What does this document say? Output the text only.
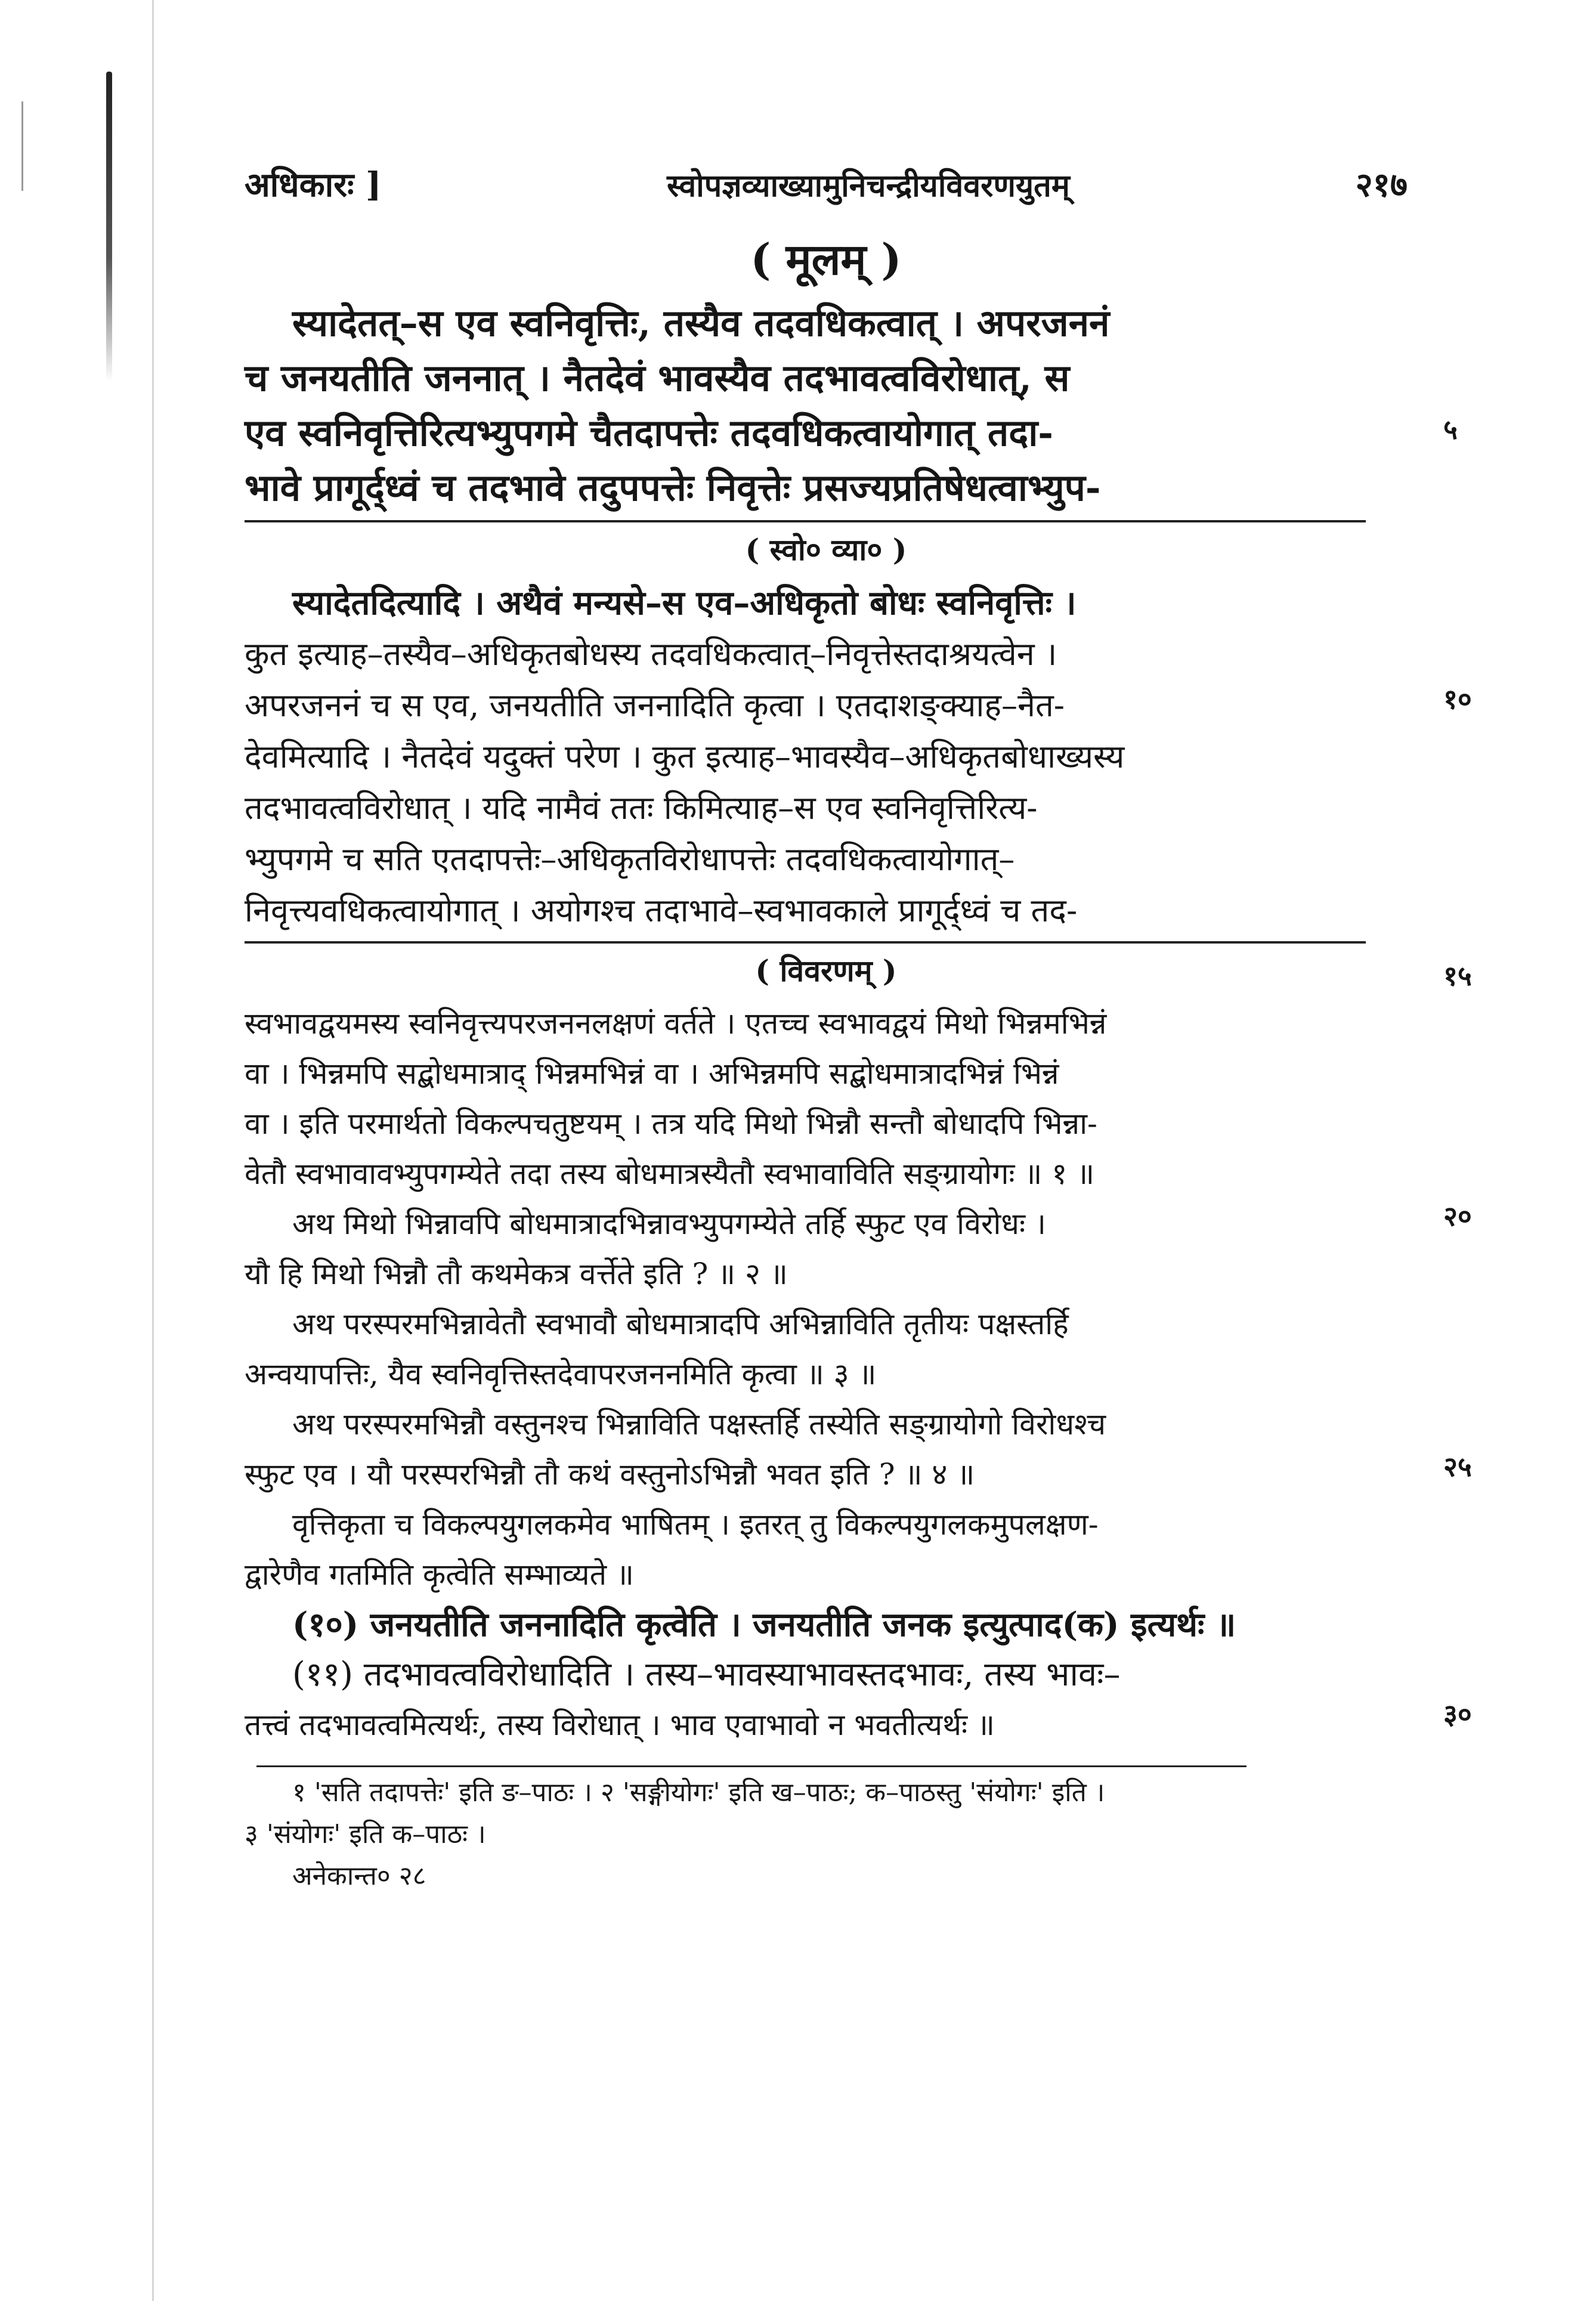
अधिकारः ]	स्वोपज्ञव्याख्यामुनिचन्द्रीयविवरणयुतम्	२१७
( मूलम् )
स्यादेतत्–स एव स्वनिवृत्तिः, तस्यैव तदवधिकत्वात् । अपरजननं
च जनयतीति जननात् । नैतदेवं भावस्यैव तदभावत्वविरोधात्, स
एव स्वनिवृत्तिरित्यभ्युपगमे चैतदापत्तेः तदवधिकत्वायोगात् तदा-
भावे प्रागूर्द्ध्वं च तदभावे तदुपपत्तेः निवृत्तेः प्रसज्यप्रतिषेधत्वाभ्युप-
५
( स्वो० व्या० )
स्यादेतदित्यादि । अथैवं मन्यसे–स एव–अधिकृतो बोधः स्वनिवृत्तिः ।
कुत इत्याह–तस्यैव–अधिकृतबोधस्य तदवधिकत्वात्–निवृत्तेस्तदाश्रयत्वेन ।
अपरजननं च स एव, जनयतीति जननादिति कृत्वा । एतदाशङ्क्याह–नैत-
देवमित्यादि । नैतदेवं यदुक्तं परेण । कुत इत्याह–भावस्यैव–अधिकृतबोधाख्यस्य
तदभावत्वविरोधात् । यदि नामैवं ततः किमित्याह–स एव स्वनिवृत्तिरित्य-
भ्युपगमे च सति एतदापत्तेः–अधिकृतविरोधापत्तेः तदवधिकत्वायोगात्–
निवृत्त्यवधिकत्वायोगात् । अयोगश्च तदाभावे–स्वभावकाले प्रागूर्द्ध्वं च तद-
१०
( विवरणम् )	१५
स्वभावद्वयमस्य स्वनिवृत्त्यपरजननलक्षणं वर्तते । एतच्च स्वभावद्वयं मिथो भिन्नमभिन्नं
वा । भिन्नमपि सद्बोधमात्राद् भिन्नमभिन्नं वा । अभिन्नमपि सद्बोधमात्रादभिन्नं भिन्नं
वा । इति परमार्थतो विकल्पचतुष्टयम् । तत्र यदि मिथो भिन्नौ सन्तौ बोधादपि भिन्ना-
वेतौ स्वभावावभ्युपगम्येते तदा तस्य बोधमात्रस्यैतौ स्वभावाविति सङ्ग्रायोगः ॥ १ ॥
अथ मिथो भिन्नावपि बोधमात्रादभिन्नावभ्युपगम्येते तर्हि स्फुट एव विरोधः ।
यौ हि मिथो भिन्नौ तौ कथमेकत्र वर्त्तेते इति ? ॥ २ ॥
अथ परस्परमभिन्नावेतौ स्वभावौ बोधमात्रादपि अभिन्नाविति तृतीयः पक्षस्तर्हि
अन्वयापत्तिः, यैव स्वनिवृत्तिस्तदेवापरजननमिति कृत्वा ॥ ३ ॥
अथ परस्परमभिन्नौ वस्तुनश्च भिन्नाविति पक्षस्तर्हि तस्येति सङ्ग्रायोगो विरोधश्च
स्फुट एव । यौ परस्परभिन्नौ तौ कथं वस्तुनोऽभिन्नौ भवत इति ? ॥ ४ ॥
वृत्तिकृता च विकल्पयुगलकमेव भाषितम् । इतरत् तु विकल्पयुगलकमुपलक्षण-
द्वारेणैव गतमिति कृत्वेति सम्भाव्यते ॥
(१०) जनयतीति जननादिति कृत्वेति । जनयतीति जनक इत्युत्पाद(क) इत्यर्थः ॥
(११) तदभावत्वविरोधादिति । तस्य–भावस्याभावस्तदभावः, तस्य भावः–
तत्त्वं तदभावत्वमित्यर्थः, तस्य विरोधात् । भाव एवाभावो न भवतीत्यर्थः ॥
२०
२५
३०
१ 'सति तदापत्तेः' इति ङ–पाठः । २ 'सङ्गीयोगः' इति ख–पाठः; क–पाठस्तु 'संयोगः' इति ।
३ 'संयोगः' इति क–पाठः ।
अनेकान्त० २८
